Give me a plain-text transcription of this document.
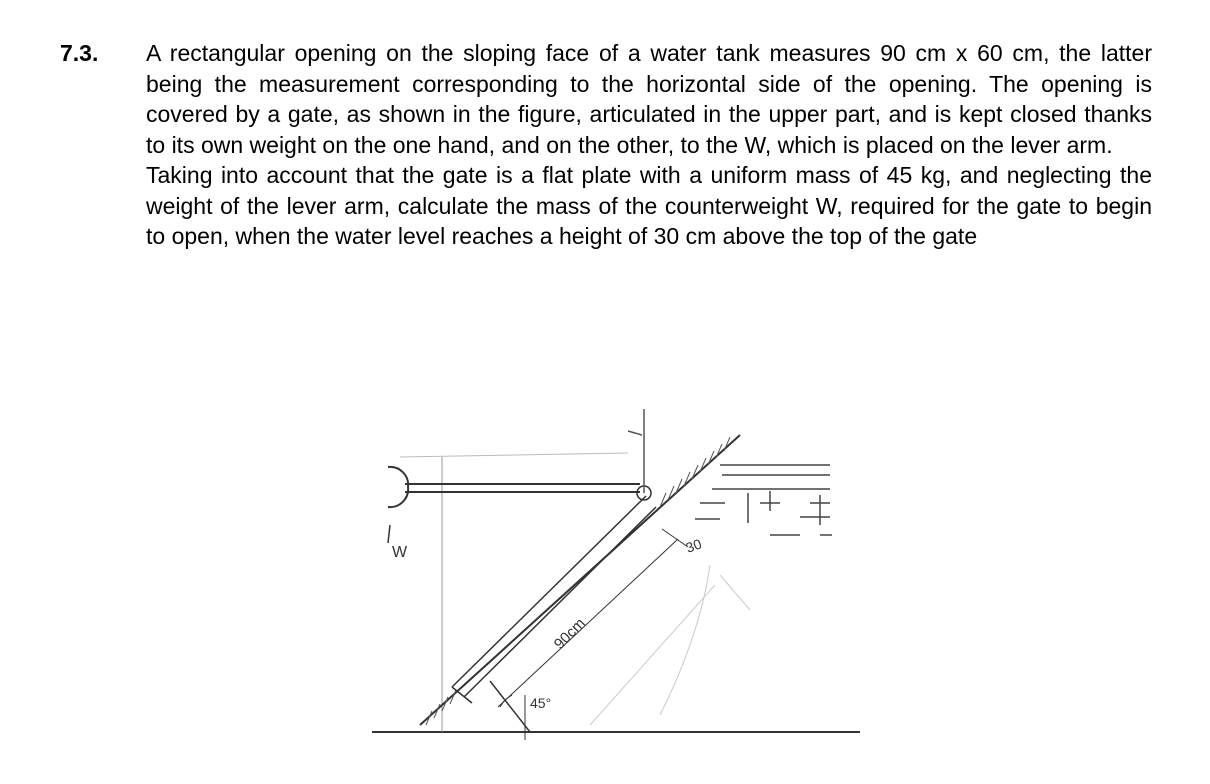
7.3. A rectangular opening on the sloping face of a water tank measures 90 cm x 60 cm, the latter being the measurement corresponding to the horizontal side of the opening. The opening is covered by a gate, as shown in the figure, articulated in the upper part, and is kept closed thanks to its own weight on the one hand, and on the other, to the W, which is placed on the lever arm.

Taking into account that the gate is a flat plate with a uniform mass of 45 kg, and neglecting the weight of the lever arm, calculate the mass of the counterweight W, required for the gate to begin to open, when the water level reaches a height of 30 cm above the top of the gate

90cm
30
45°
W
